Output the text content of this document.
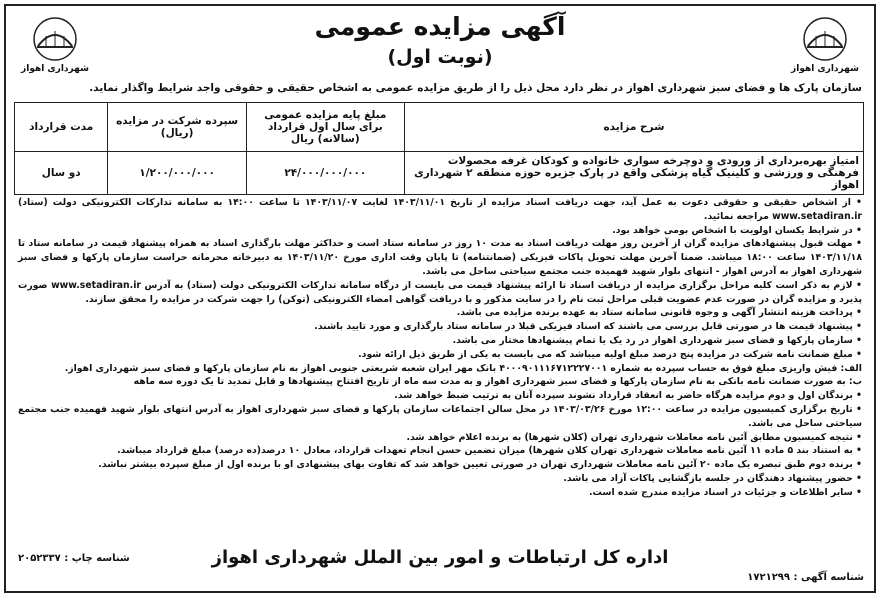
شهرداری اهواز
شهرداری اهواز
آگهی مزایده عمومی
(نوبت اول)
سازمان پارک ها و فضای سبز شهرداری اهواز در نظر دارد محل ذیل را از طریق مزایده عمومی به اشخاص حقیقی و حقوقی واجد شرایط واگذار نماید.
شرح مزایده	مبلغ پایه مزایده عمومی برای سال اول قرارداد (سالانه) ریال	سپرده شرکت در مزایده (ریال)	مدت قرارداد
امتیاز بهره‌برداری از ورودی و دوچرخه سواری خانواده و کودکان غرفه محصولات فرهنگی و ورزشی و کلینیک گیاه پزشکی واقع در پارک جزیره حوزه منطقه ۲ شهرداری اهواز	۲۴/۰۰۰/۰۰۰/۰۰۰	۱/۲۰۰/۰۰۰/۰۰۰	دو سال

• از اشخاص حقیقی و حقوقی دعوت به عمل آید، جهت دریافت اسناد مزایده از تاریخ ۱۴۰۳/۱۱/۰۱ لغایت ۱۴۰۳/۱۱/۰۷ تا ساعت ۱۴:۰۰ به سامانه تدارکات الکترونیکی دولت (ستاد) www.setadiran.ir مراجعه نمائید.

• در شرایط یکسان اولویت با اشخاص بومی خواهد بود.

• مهلت قبول پیشنهادهای مزایده گران از آخرین روز مهلت دریافت اسناد به مدت ۱۰ روز در سامانه ستاد است و حداکثر مهلت بارگذاری اسناد به همراه پیشنهاد قیمت در سامانه ستاد تا ۱۴۰۳/۱۱/۱۸ ساعت ۱۸:۰۰ میباشد. ضمنا آخرین مهلت تحویل پاکات فیزیکی (ضمانتنامه) تا پایان وقت اداری مورخ ۱۴۰۳/۱۱/۲۰ به دبیرخانه محرمانه حراست سازمان پارکها و فضای سبز شهرداری اهواز به آدرس اهواز - انتهای بلوار شهید فهمیده جنب مجتمع سیاحتی ساحل می باشد.

• لازم به ذکر است کلیه مراحل برگزاری مزایده از دریافت اسناد تا ارائه پیشنهاد قیمت می بایست از درگاه سامانه تدارکات الکترونیکی دولت (ستاد) به آدرس www.setadiran.ir صورت پذیرد و مزایده گران در صورت عدم عضویت قبلی مراحل ثبت نام را در سایت مذکور و با دریافت گواهی امضاء الکترونیکی (توکن) را جهت شرکت در مزایده را محقق سازند.

• پرداخت هزینه انتشار آگهی و وجوه قانونی سامانه ستاد به عهده برنده مزایده می باشد.

• پیشنهاد قیمت ها در صورتی قابل بررسی می باشند که اسناد فیزیکی قبلا در سامانه ستاد بارگذاری و مورد تایید باشند.

• سازمان پارکها و فضای سبز شهرداری اهواز در رد یک یا تمام پیشنهادها مختار می باشد.

• مبلغ ضمانت نامه شرکت در مزایده پنج درصد مبلغ اولیه میباشد که می بایست به یکی از طریق ذیل ارائه شود.

الف: فیش واریزی مبلغ فوق به حساب سپرده به شماره ۴۰۰۰۹۰۱۱۱۶۷۱۲۲۲۷۰۰۱ بانک مهر ایران شعبه شریعتی جنوبی اهواز به نام سازمان پارکها و فضای سبز شهرداری اهواز.

ب: به صورت ضمانت نامه بانکی به نام سازمان پارکها و فضای سبز شهرداری اهواز و به مدت سه ماه از تاریخ افتتاح پیشنهادها و قابل تمدید تا یک دوره سه ماهه

• برندگان اول و دوم مزایده هرگاه حاضر به انعقاد قرارداد نشوند سپرده آنان به ترتیب ضبط خواهد شد.

• تاریخ برگزاری کمیسیون مزایده در ساعت ۱۲:۰۰ مورخ ۱۴۰۳/۰۳/۲۶ در محل سالن اجتماعات سازمان پارکها و فضای سبز شهرداری اهواز به آدرس انتهای بلوار شهید فهمیده جنب مجتمع سیاحتی ساحل می باشد.

• نتیجه کمیسیون مطابق آئین نامه معاملات شهرداری تهران (کلان شهرها) به برنده اعلام خواهد شد.

• به استناد بند ۵ ماده ۱۱ آئین نامه معاملات شهرداری تهران کلان شهرها) میزان تضمین حسن انجام تعهدات قرارداد، معادل ۱۰ درصد(ده درصد) مبلغ قرارداد میباشد.

• برنده دوم طبق تبصره یک ماده ۲۰ آئین نامه معاملات شهرداری تهران در صورتی تعیین خواهد شد که تفاوت بهای پیشنهادی او با برنده اول از مبلغ سپرده بیشتر نباشد.

• حضور پیشنهاد دهندگان در جلسه بازگشایی پاکات آزاد می باشد.

• سایر اطلاعات و جزئیات در اسناد مزایده مندرج شده است.

اداره کل ارتباطات و امور بین الملل شهرداری اهواز
شناسه آگهی : ۱۷۲۱۲۹۹
شناسه چاپ : ۲۰۵۲۳۳۷
